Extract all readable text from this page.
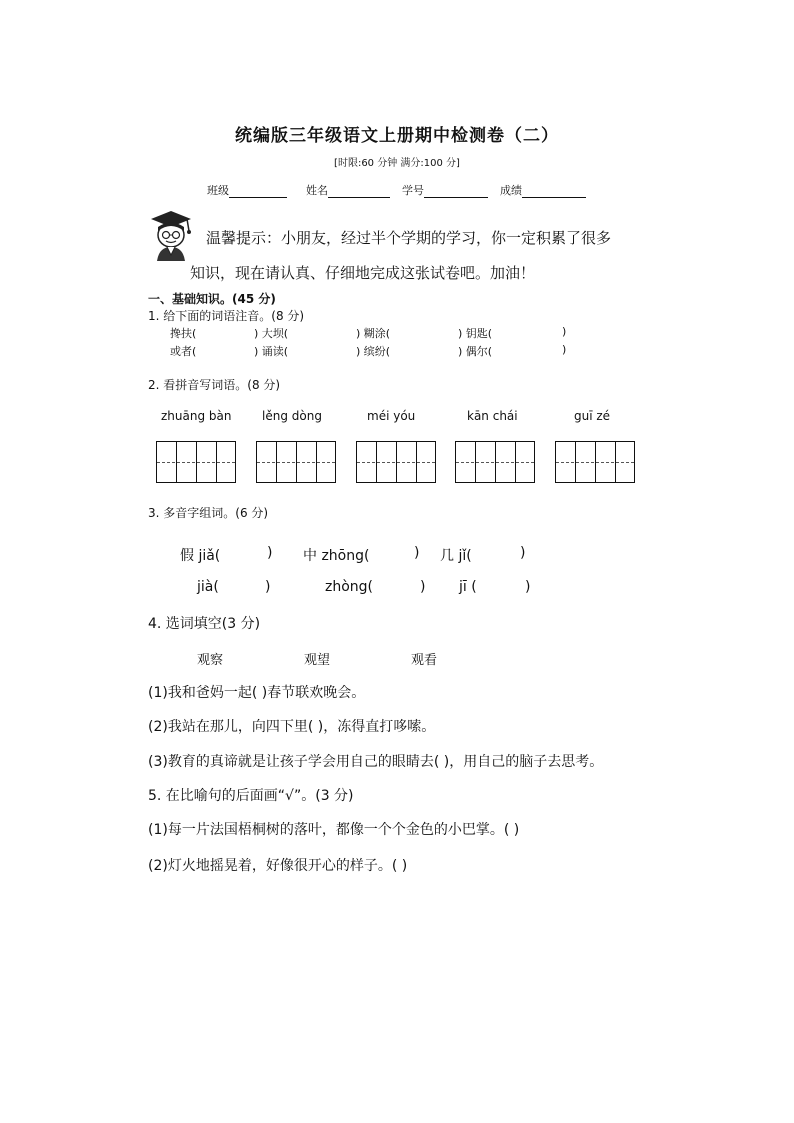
统编版三年级语文上册期中检测卷（二）
[时限:60 分钟 满分:100 分]
班级	姓名	学号	成绩
温馨提示：小朋友，经过半个学期的学习，你一定积累了很多
知识，现在请认真、仔细地完成这张试卷吧。加油！
一、基础知识。(45 分)
1. 给下面的词语注音。(8 分)
搀扶(	) 大坝(	) 糊涂(	) 钥匙(	)
或者(	) 诵读(	) 缤纷(	) 偶尔(	)
2. 看拼音写词语。(8 分)
zhuāng bàn	lěng dòng	méi yóu	kān chái	guī zé
3. 多音字组词。(6 分)
假 jiǎ(	) 中 zhōng(	) 几 jǐ(	)
jià(	)	zhòng(	) jī (	)
4. 选词填空(3 分)
观察	观望	观看
(1)我和爸妈一起( )春节联欢晚会。
(2)我站在那儿，向四下里( )，冻得直打哆嗦。
(3)教育的真谛就是让孩子学会用自己的眼睛去( )，用自己的脑子去思考。
5. 在比喻句的后面画“√”。(3 分)
(1)每一片法国梧桐树的落叶，都像一个个金色的小巴掌。( )
(2)灯火地摇晃着，好像很开心的样子。( )
